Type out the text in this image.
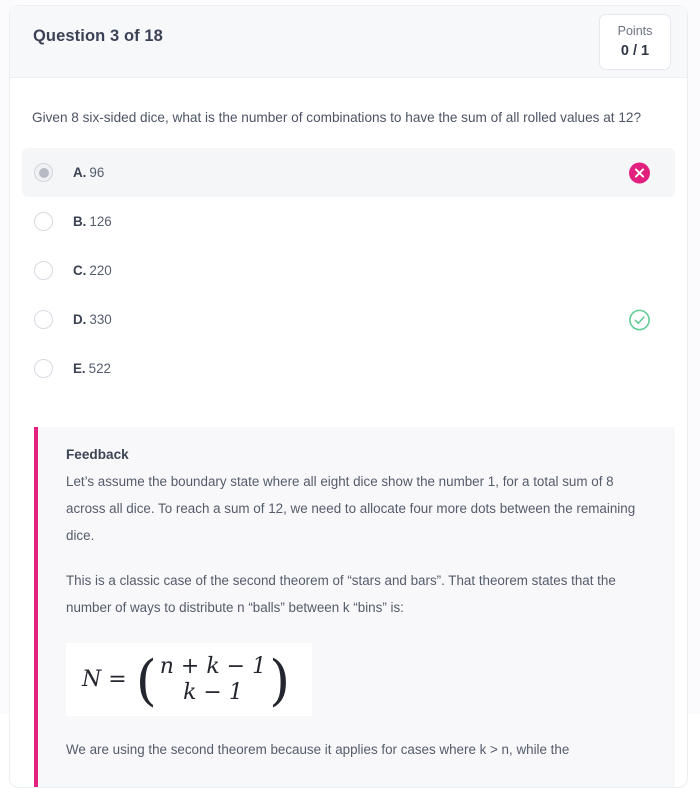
Question 3 of 18	Points
0 / 1
Given 8 six-sided dice, what is the number of combinations to have the sum of all rolled values at 12?
A. 96
B. 126
C. 220
D. 330
E. 522
Feedback

Let’s assume the boundary state where all eight dice show the number 1, for a total sum of 8 across all dice. To reach a sum of 12, we need to allocate four more dots between the remaining dice.

This is a classic case of the second theorem of “stars and bars”. That theorem states that the number of ways to distribute n “balls” between k “bins” is:

N = ( n + k − 1
k − 1 )

We are using the second theorem because it applies for cases where k > n, while the
